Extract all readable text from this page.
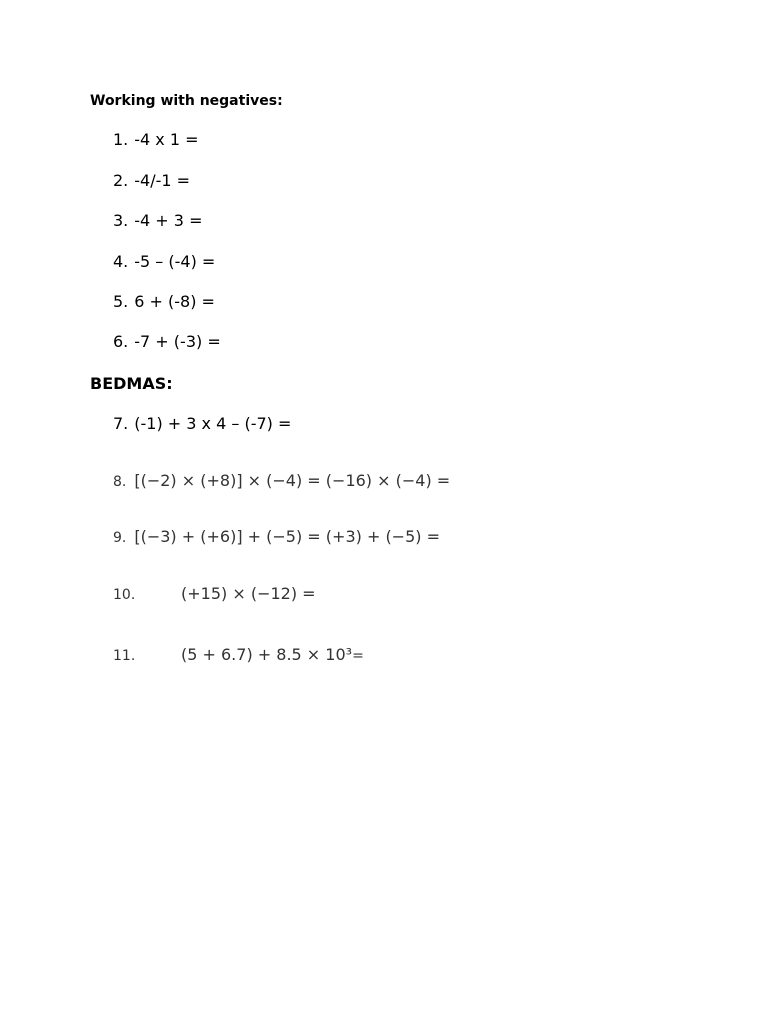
Working with negatives:
1. -4 x 1 =
2. -4/-1 =
3. -4 + 3 =
4. -5 – (-4) =
5. 6 + (-8) =
6. -7 + (-3) =
BEDMAS:
7. (-1) + 3 x 4 – (-7) =
8. [(−2) × (+8)] × (−4) = (−16) × (−4) =
9. [(−3) + (+6)] + (−5) = (+3) + (−5) =
10.	(+15) × (−12) =
11.	(5 + 6.7) + 8.5 × 10³=
